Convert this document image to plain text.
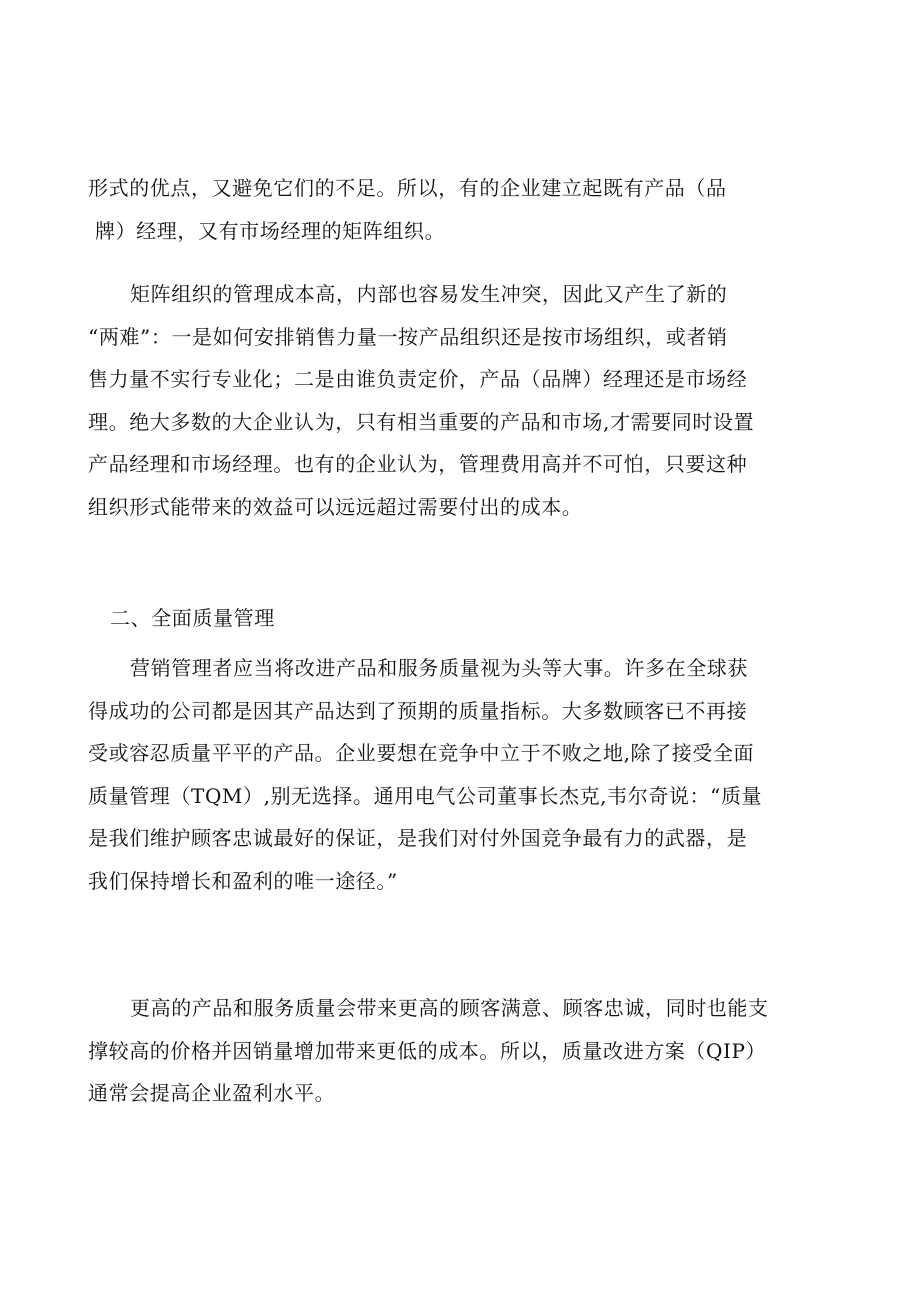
形式的优点，又避免它们的不足。所以，有的企业建立起既有产品（品
牌）经理，又有市场经理的矩阵组织。

矩阵组织的管理成本高，内部也容易发生冲突，因此又产生了新的
“两难”：一是如何安排销售力量一按产品组织还是按市场组织，或者销
售力量不实行专业化；二是由谁负责定价，产品（品牌）经理还是市场经
理。绝大多数的大企业认为，只有相当重要的产品和市场,才需要同时设置
产品经理和市场经理。也有的企业认为，管理费用高并不可怕，只要这种
组织形式能带来的效益可以远远超过需要付出的成本。

二、全面质量管理

营销管理者应当将改进产品和服务质量视为头等大事。许多在全球获
得成功的公司都是因其产品达到了预期的质量指标。大多数顾客已不再接
受或容忍质量平平的产品。企业要想在竞争中立于不败之地,除了接受全面
质量管理（TQM）,别无选择。通用电气公司董事长杰克,韦尔奇说：“质量
是我们维护顾客忠诚最好的保证，是我们对付外国竞争最有力的武器，是
我们保持增长和盈利的唯一途径。”

更高的产品和服务质量会带来更高的顾客满意、顾客忠诚，同时也能支
撑较高的价格并因销量增加带来更低的成本。所以，质量改进方案（QIP）
通常会提高企业盈利水平。
